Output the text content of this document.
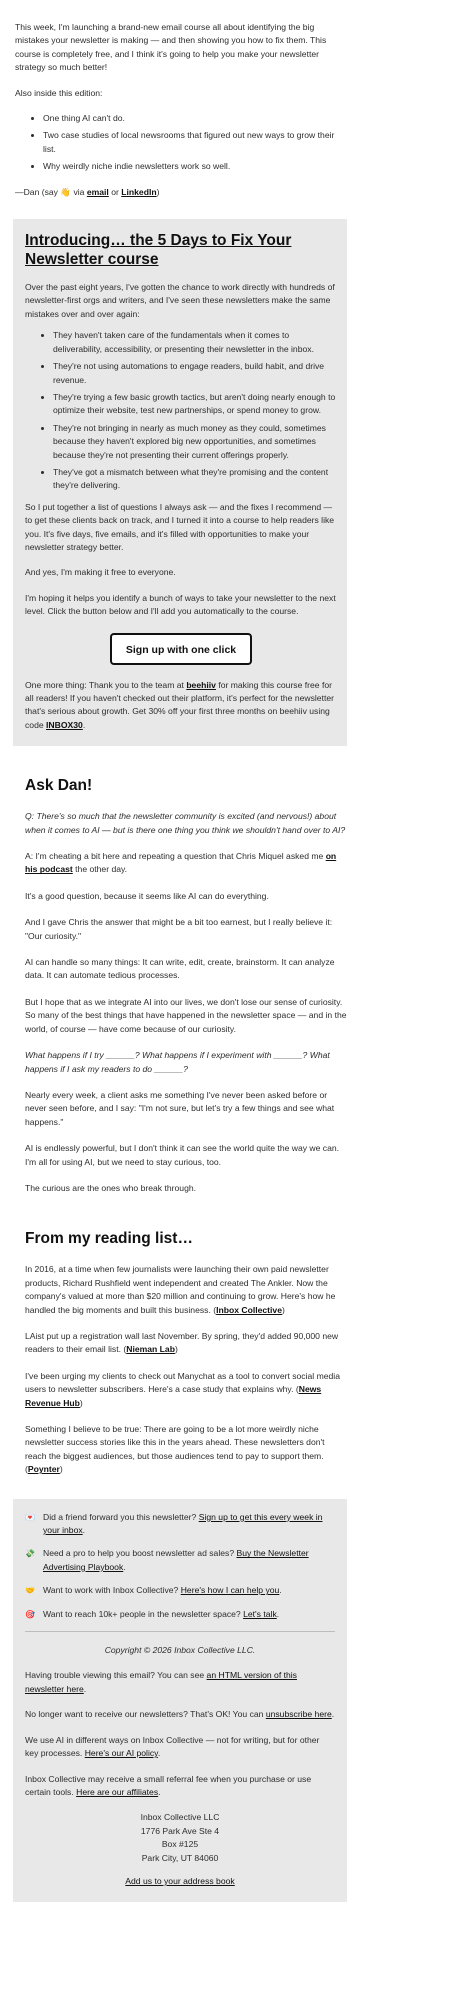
This week, I'm launching a brand-new email course all about identifying the big mistakes your newsletter is making — and then showing you how to fix them. This course is completely free, and I think it's going to help you make your newsletter strategy so much better!

Also inside this edition:

• One thing AI can't do.
• Two case studies of local newsrooms that figured out new ways to grow their list.
• Why weirdly niche indie newsletters work so well.

—Dan (say 👋 via email or LinkedIn)

Introducing… the 5 Days to Fix Your Newsletter course

Over the past eight years, I've gotten the chance to work directly with hundreds of newsletter-first orgs and writers, and I've seen these newsletters make the same mistakes over and over again:

• They haven't taken care of the fundamentals when it comes to deliverability, accessibility, or presenting their newsletter in the inbox.
• They're not using automations to engage readers, build habit, and drive revenue.
• They're trying a few basic growth tactics, but aren't doing nearly enough to optimize their website, test new partnerships, or spend money to grow.
• They're not bringing in nearly as much money as they could, sometimes because they haven't explored big new opportunities, and sometimes because they're not presenting their current offerings properly.
• They've got a mismatch between what they're promising and the content they're delivering.

So I put together a list of questions I always ask — and the fixes I recommend — to get these clients back on track, and I turned it into a course to help readers like you. It's five days, five emails, and it's filled with opportunities to make your newsletter strategy better.

And yes, I'm making it free to everyone.

I'm hoping it helps you identify a bunch of ways to take your newsletter to the next level. Click the button below and I'll add you automatically to the course.

Sign up with one click

One more thing: Thank you to the team at beehiiv for making this course free for all readers! If you haven't checked out their platform, it's perfect for the newsletter that's serious about growth. Get 30% off your first three months on beehiiv using code INBOX30.

Ask Dan!

Q: There's so much that the newsletter community is excited (and nervous!) about when it comes to AI — but is there one thing you think we shouldn't hand over to AI?

A: I'm cheating a bit here and repeating a question that Chris Miquel asked me on his podcast the other day.

It's a good question, because it seems like AI can do everything.

And I gave Chris the answer that might be a bit too earnest, but I really believe it: "Our curiosity."

AI can handle so many things: It can write, edit, create, brainstorm. It can analyze data. It can automate tedious processes.

But I hope that as we integrate AI into our lives, we don't lose our sense of curiosity. So many of the best things that have happened in the newsletter space — and in the world, of course — have come because of our curiosity.

What happens if I try ______? What happens if I experiment with ______? What happens if I ask my readers to do ______?

Nearly every week, a client asks me something I've never been asked before or never seen before, and I say: "I'm not sure, but let's try a few things and see what happens."

AI is endlessly powerful, but I don't think it can see the world quite the way we can. I'm all for using AI, but we need to stay curious, too.

The curious are the ones who break through.

From my reading list…

In 2016, at a time when few journalists were launching their own paid newsletter products, Richard Rushfield went independent and created The Ankler. Now the company's valued at more than $20 million and continuing to grow. Here's how he handled the big moments and built this business. (Inbox Collective)

LAist put up a registration wall last November. By spring, they'd added 90,000 new readers to their email list. (Nieman Lab)

I've been urging my clients to check out Manychat as a tool to convert social media users to newsletter subscribers. Here's a case study that explains why. (News Revenue Hub)

Something I believe to be true: There are going to be a lot more weirdly niche newsletter success stories like this in the years ahead. These newsletters don't reach the biggest audiences, but those audiences tend to pay to support them. (Poynter)

💌 Did a friend forward you this newsletter? Sign up to get this every week in your inbox.
💸 Need a pro to help you boost newsletter ad sales? Buy the Newsletter Advertising Playbook.
🤝 Want to work with Inbox Collective? Here's how I can help you.
🎯 Want to reach 10k+ people in the newsletter space? Let's talk.

Copyright © 2026 Inbox Collective LLC.

Having trouble viewing this email? You can see an HTML version of this newsletter here.

No longer want to receive our newsletters? That's OK! You can unsubscribe here.

We use AI in different ways on Inbox Collective — not for writing, but for other key processes. Here's our AI policy.

Inbox Collective may receive a small referral fee when you purchase or use certain tools. Here are our affiliates.

Inbox Collective LLC
1776 Park Ave Ste 4
Box #125
Park City, UT 84060

Add us to your address book
